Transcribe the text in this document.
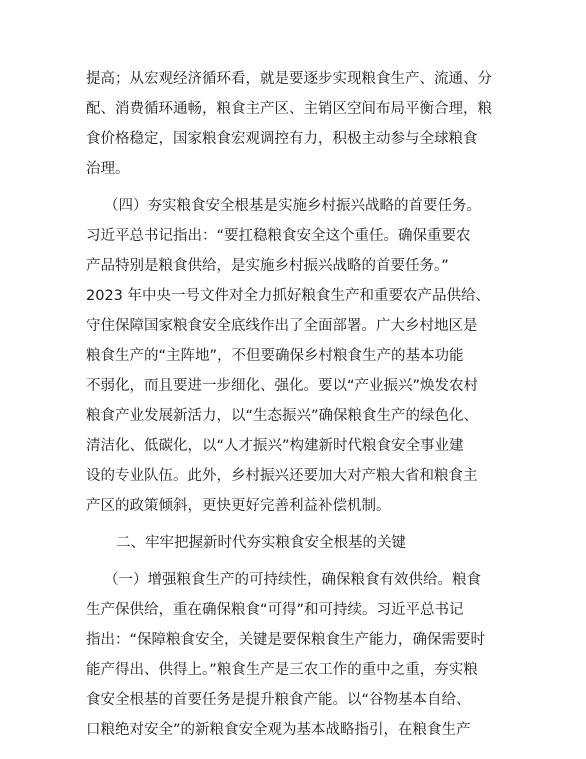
提高；从宏观经济循环看，就是要逐步实现粮食生产、流通、分
配、消费循环通畅，粮食主产区、主销区空间布局平衡合理，粮
食价格稳定，国家粮食宏观调控有力，积极主动参与全球粮食
治理。
（四）夯实粮食安全根基是实施乡村振兴战略的首要任务。
习近平总书记指出：“要扛稳粮食安全这个重任。确保重要农
产品特别是粮食供给，是实施乡村振兴战略的首要任务。”
2023 年中央一号文件对全力抓好粮食生产和重要农产品供给、
守住保障国家粮食安全底线作出了全面部署。广大乡村地区是
粮食生产的“主阵地”，不但要确保乡村粮食生产的基本功能
不弱化，而且要进一步细化、强化。要以“产业振兴”焕发农村
粮食产业发展新活力，以“生态振兴”确保粮食生产的绿色化、
清洁化、低碳化，以“人才振兴”构建新时代粮食安全事业建
设的专业队伍。此外，乡村振兴还要加大对产粮大省和粮食主
产区的政策倾斜，更快更好完善利益补偿机制。
二、牢牢把握新时代夯实粮食安全根基的关键
（一）增强粮食生产的可持续性，确保粮食有效供给。粮食
生产保供给，重在确保粮食“可得”和可持续。习近平总书记
指出：“保障粮食安全，关键是要保粮食生产能力，确保需要时
能产得出、供得上。”粮食生产是三农工作的重中之重，夯实粮
食安全根基的首要任务是提升粮食产能。以“谷物基本自给、
口粮绝对安全”的新粮食安全观为基本战略指引，在粮食生产
